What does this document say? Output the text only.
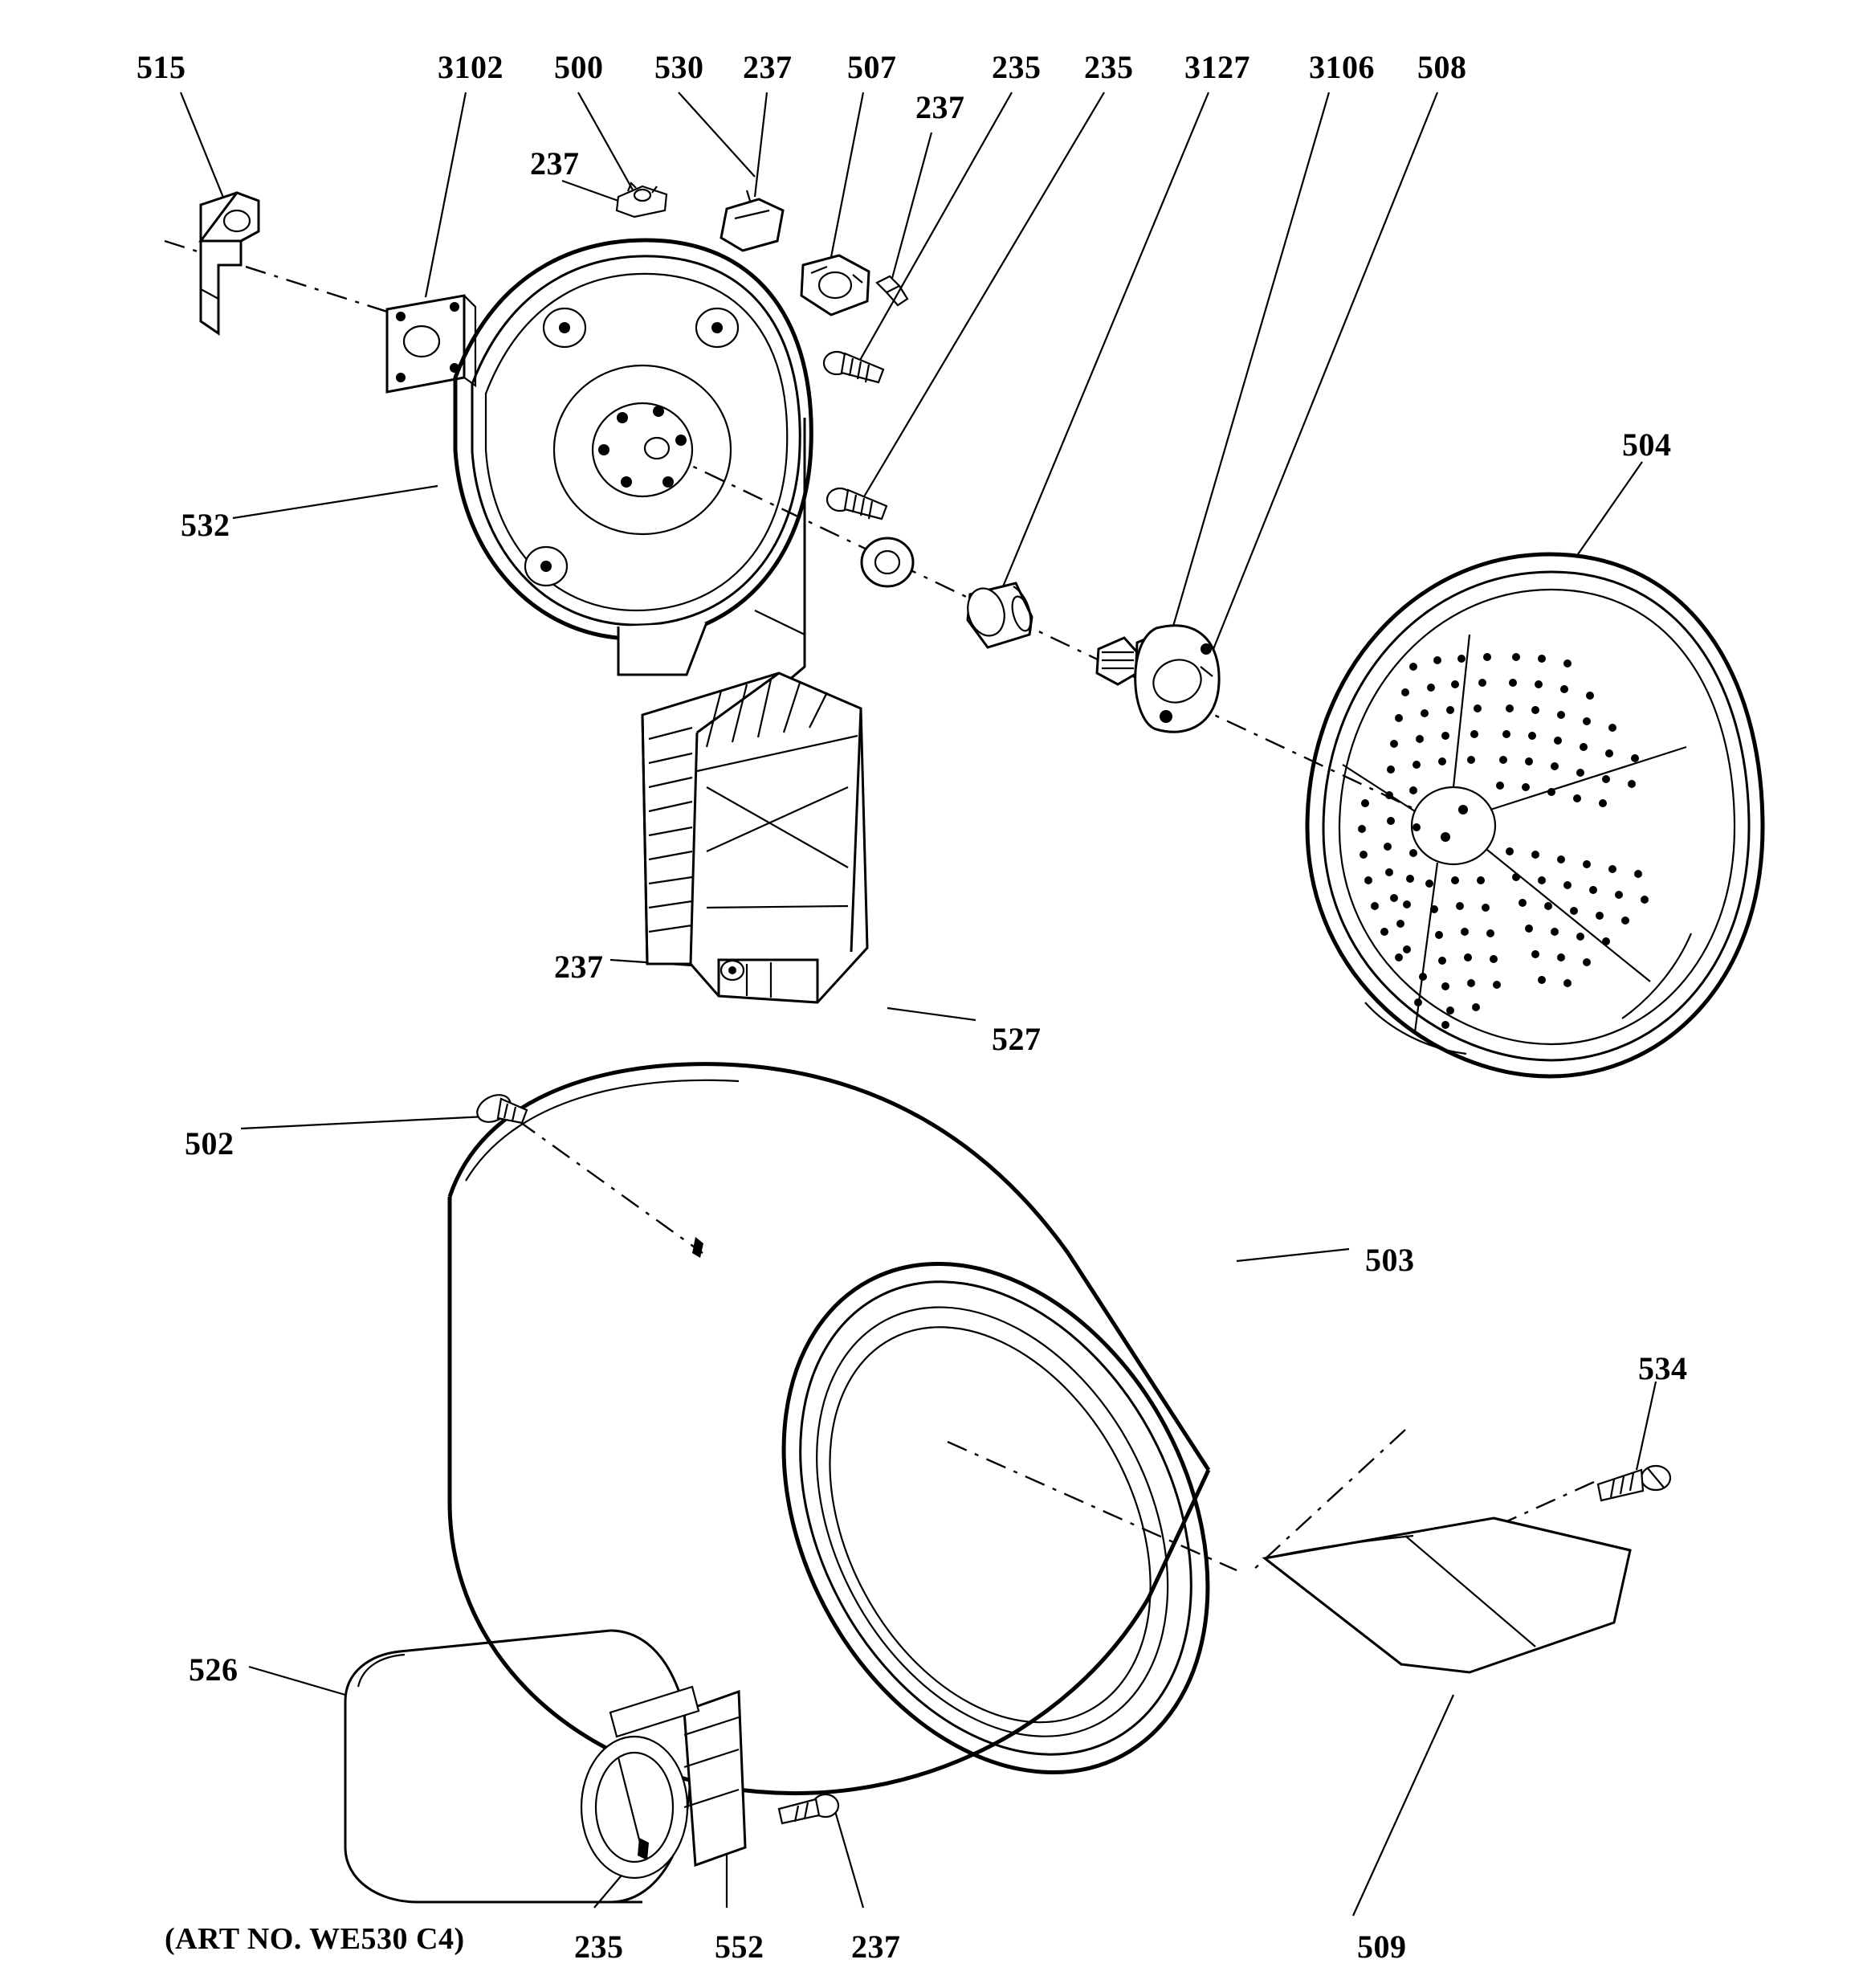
515	3102 500 530 237 507	235 235 3127 3106 508
237
237
504
532
237
527
502
503
534
526
509
235	552	237
(ART NO. WE530 C4)
